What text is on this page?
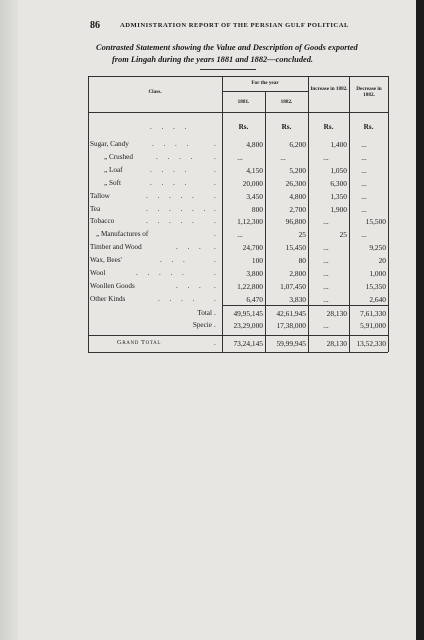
86	ADMINISTRATION REPORT OF THE PERSIAN GULF POLITICAL
Contrasted Statement showing the Value and Description of Goods exported
from Lingah during the years 1881 and 1882—concluded.
Class.
For the year
1881.	1882.
Increase in 1882.	Decrease in 1882.
Rs.	Rs.	Rs.	Rs.
. . . .
Sugar, Candy	. . . .	.	4,800	6,200	1,400	...
„ Crushed	. . . .	.	...	...	...	...
„ Loaf	. . . .	.	4,150	5,200	1,050	...
„ Soft	. . . .	.	20,000	26,300	6,300	...
Tallow	. . . . . .	3,450	4,800	1,350	...
Tea	. . . . . . .	800	2,700	1,900	...
Tobacco	. . . . . .	1,12,300	96,800	...	15,500
„ Manufactures of	.	...	25	25	...
Timber and Wood	. . . .	24,700	15,450	...	9,250
Wax, Bees'	. . .	.	100	80	...	20
Wool	. . . . .	.	3,800	2,800	...	1,000
Woollen Goods	. . . .	1,22,800	1,07,450	...	15,350
Other Kinds	. . . . .	6,470	3,830	...	2,640
Total .	49,95,145	42,61,945	28,130	7,61,330
Specie .	23,29,000	17,38,000	...	5,91,000
Grand Total	.	73,24,145	59,99,945	28,130	13,52,330
